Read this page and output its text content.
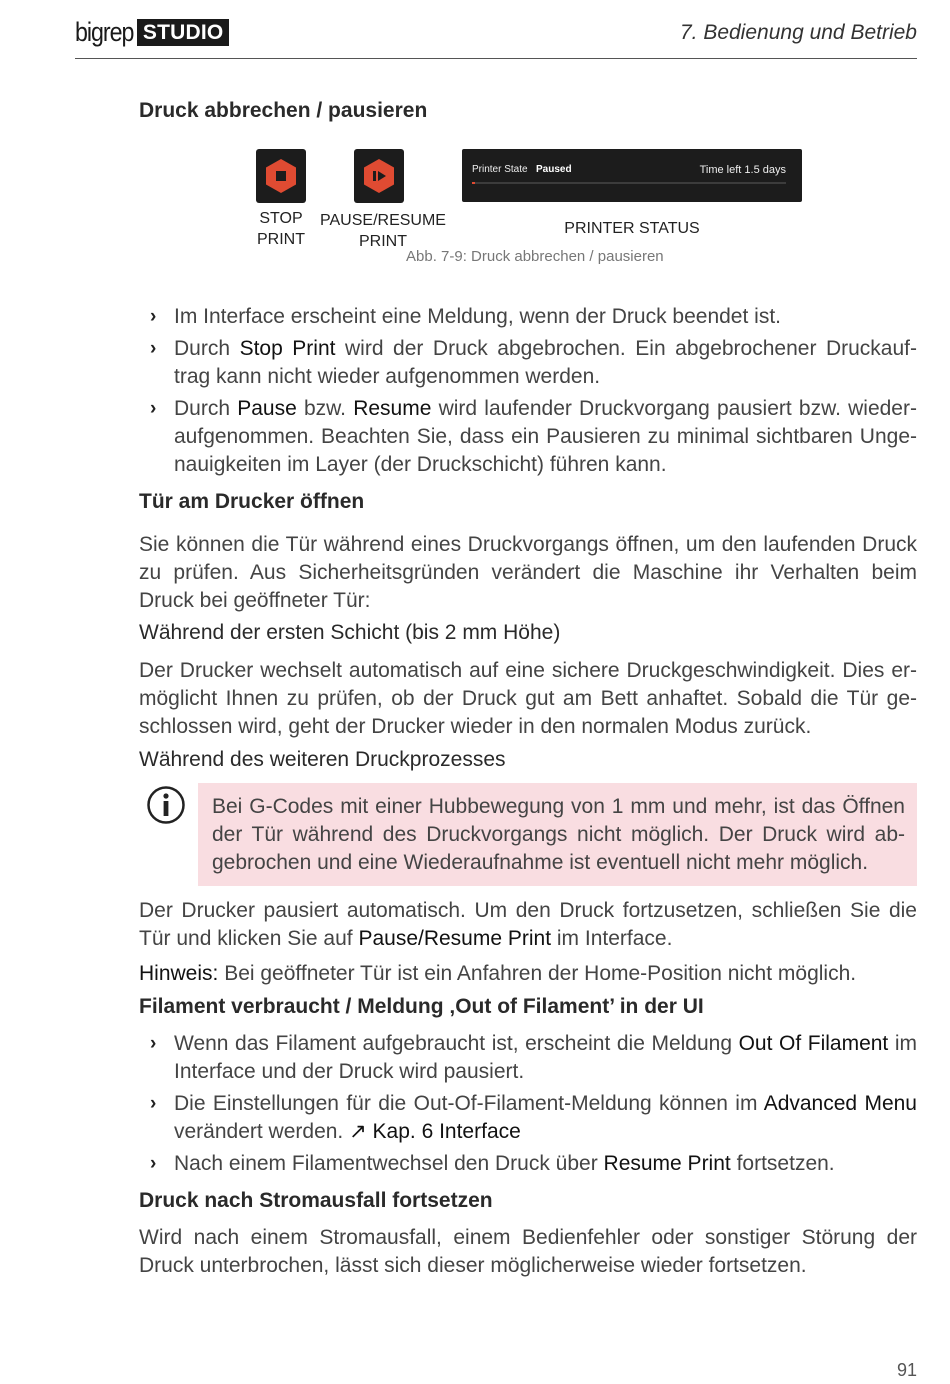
bigrep STUDIO	7. Bedienung und Betrieb
Druck abbrechen / pausieren
STOP
PRINT
PAUSE/RESUME
PRINT
Printer State Paused	Time left 1.5 days
PRINTER STATUS
Abb. 7-9: Druck abbrechen / pausieren
› Im Interface erscheint eine Meldung, wenn der Druck beendet ist.
› Durch Stop Print wird der Druck abgebrochen. Ein abgebrochener Druckauf-trag kann nicht wieder aufgenommen werden.
› Durch Pause bzw. Resume wird laufender Druckvorgang pausiert bzw. wieder-aufgenommen. Beachten Sie, dass ein Pausieren zu minimal sichtbaren Unge-nauigkeiten im Layer (der Druckschicht) führen kann.
Tür am Drucker öffnen

Sie können die Tür während eines Druckvorgangs öffnen, um den laufenden Druck zu prüfen. Aus Sicherheitsgründen verändert die Maschine ihr Verhalten beim Druck bei geöffneter Tür:

Während der ersten Schicht (bis 2 mm Höhe)

Der Drucker wechselt automatisch auf eine sichere Druckgeschwindigkeit. Dies er-möglicht Ihnen zu prüfen, ob der Druck gut am Bett anhaftet. Sobald die Tür ge-schlossen wird, geht der Drucker wieder in den normalen Modus zurück.

Während des weiteren Druckprozesses

Bei G-Codes mit einer Hubbewegung von 1 mm und mehr, ist das Öffnen der Tür während des Druckvorgangs nicht möglich. Der Druck wird ab-gebrochen und eine Wiederaufnahme ist eventuell nicht mehr möglich.

Der Drucker pausiert automatisch. Um den Druck fortzusetzen, schließen Sie die Tür und klicken Sie auf Pause/Resume Print im Interface.

Hinweis: Bei geöffneter Tür ist ein Anfahren der Home-Position nicht möglich.

Filament verbraucht / Meldung ‚Out of Filament’ in der UI
› Wenn das Filament aufgebraucht ist, erscheint die Meldung Out Of Filament im Interface und der Druck wird pausiert.
› Die Einstellungen für die Out-Of-Filament-Meldung können im Advanced Menu verändert werden. ↗ Kap. 6 Interface
› Nach einem Filamentwechsel den Druck über Resume Print fortsetzen.
Druck nach Stromausfall fortsetzen

Wird nach einem Stromausfall, einem Bedienfehler oder sonstiger Störung der Druck unterbrochen, lässt sich dieser möglicherweise wieder fortsetzen.

91
